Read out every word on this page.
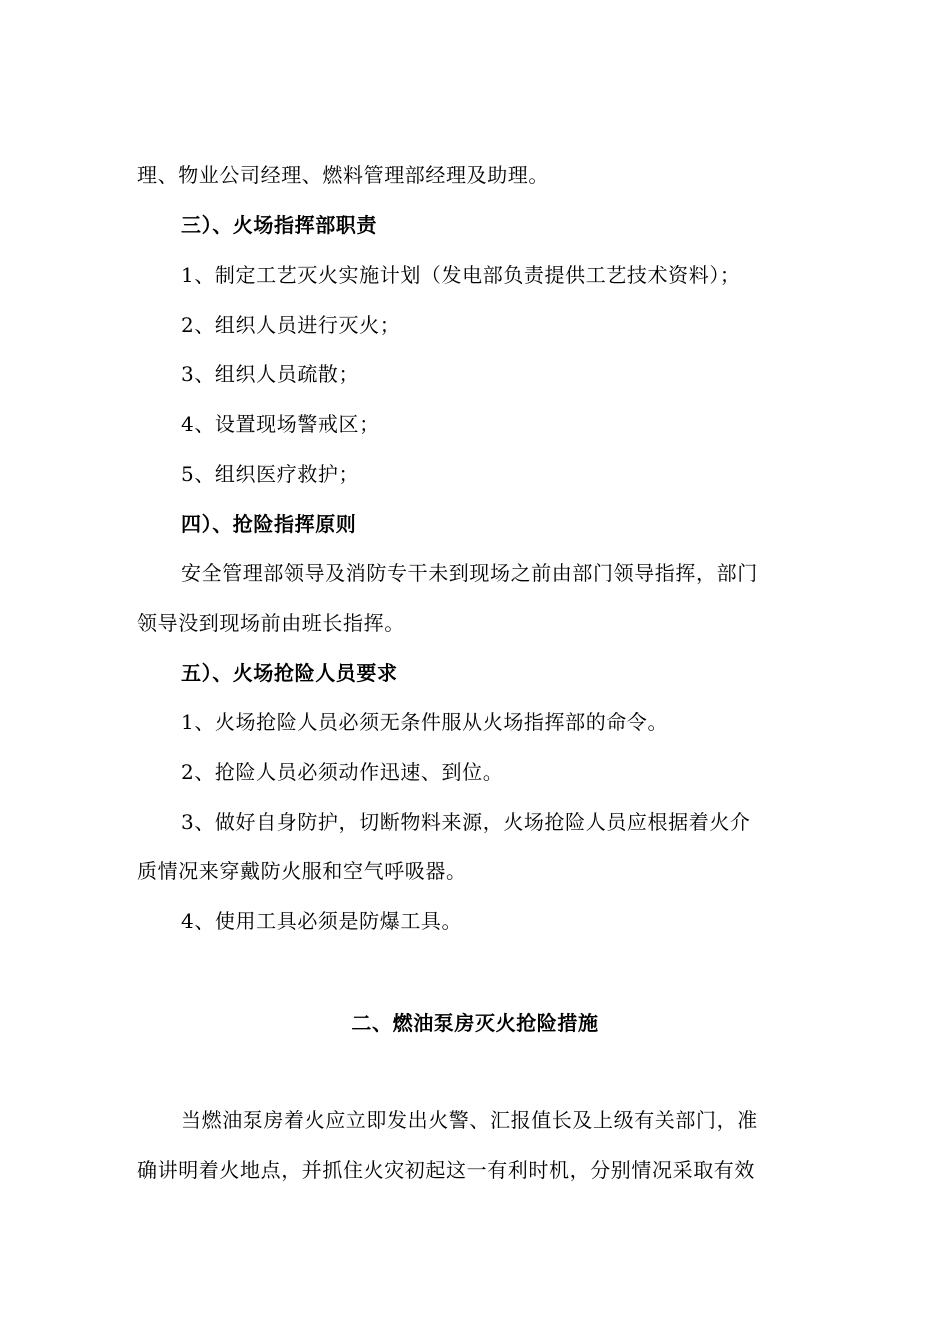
理、物业公司经理、燃料管理部经理及助理。
三）、火场指挥部职责
1、制定工艺灭火实施计划（发电部负责提供工艺技术资料）；
2、组织人员进行灭火；
3、组织人员疏散；
4、设置现场警戒区；
5、组织医疗救护；
四）、抢险指挥原则
安全管理部领导及消防专干未到现场之前由部门领导指挥，部门
领导没到现场前由班长指挥。
五）、火场抢险人员要求
1、火场抢险人员必须无条件服从火场指挥部的命令。
2、抢险人员必须动作迅速、到位。
3、做好自身防护，切断物料来源，火场抢险人员应根据着火介
质情况来穿戴防火服和空气呼吸器。
4、使用工具必须是防爆工具。
二、燃油泵房灭火抢险措施
当燃油泵房着火应立即发出火警、汇报值长及上级有关部门，准
确讲明着火地点，并抓住火灾初起这一有利时机，分别情况采取有效
